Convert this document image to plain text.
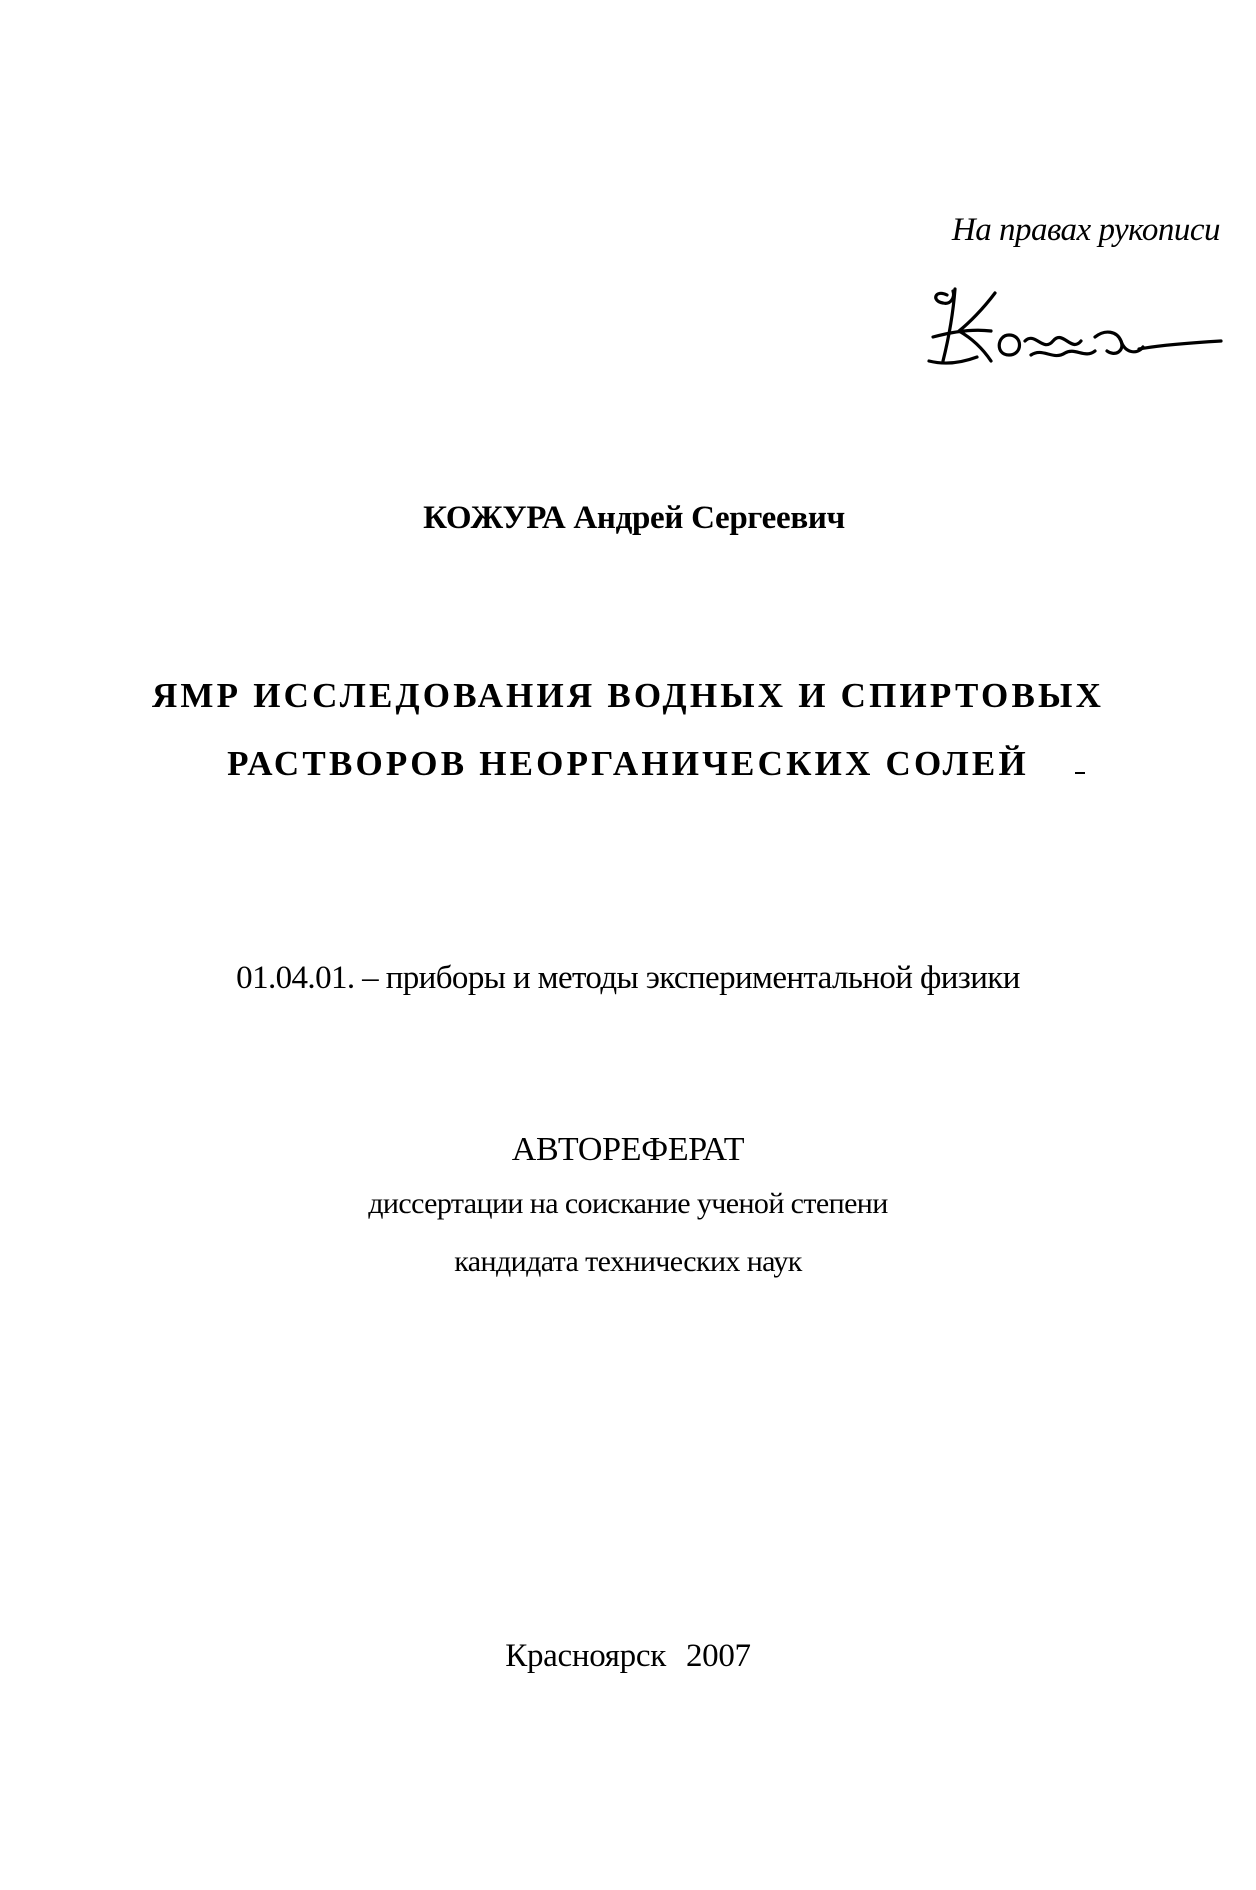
На правах рукописи
КОЖУРА Андрей Сергеевич
ЯМР ИССЛЕДОВАНИЯ ВОДНЫХ И СПИРТОВЫХ
РАСТВОРОВ НЕОРГАНИЧЕСКИХ СОЛЕЙ
01.04.01. – приборы и методы экспериментальной физики
АВТОРЕФЕРАТ
диссертации на соискание ученой степени
кандидата технических наук
Красноярск 2007
